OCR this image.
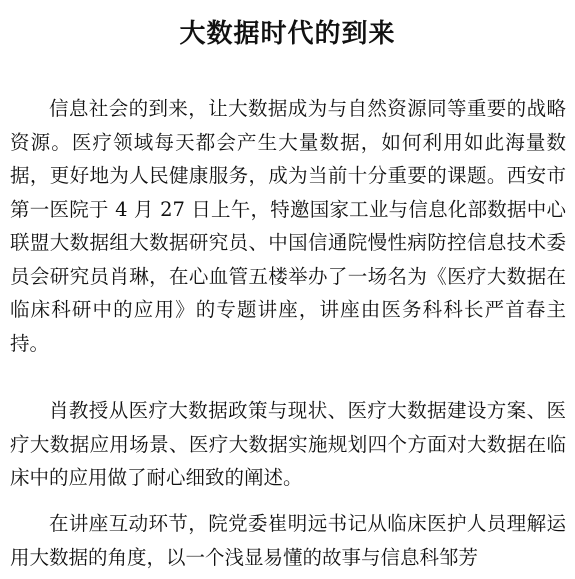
大数据时代的到来

信息社会的到来，让大数据成为与自然资源同等重要的战略资源。医疗领域每天都会产生大量数据，如何利用如此海量数据，更好地为人民健康服务，成为当前十分重要的课题。西安市第一医院于 4 月 27 日上午，特邀国家工业与信息化部数据中心联盟大数据组大数据研究员、中国信通院慢性病防控信息技术委员会研究员肖琳，在心血管五楼举办了一场名为《医疗大数据在临床科研中的应用》的专题讲座，讲座由医务科科长严首春主持。

肖教授从医疗大数据政策与现状、医疗大数据建设方案、医疗大数据应用场景、医疗大数据实施规划四个方面对大数据在临床中的应用做了耐心细致的阐述。

在讲座互动环节，院党委崔明远书记从临床医护人员理解运用大数据的角度，以一个浅显易懂的故事与信息科邹芳
